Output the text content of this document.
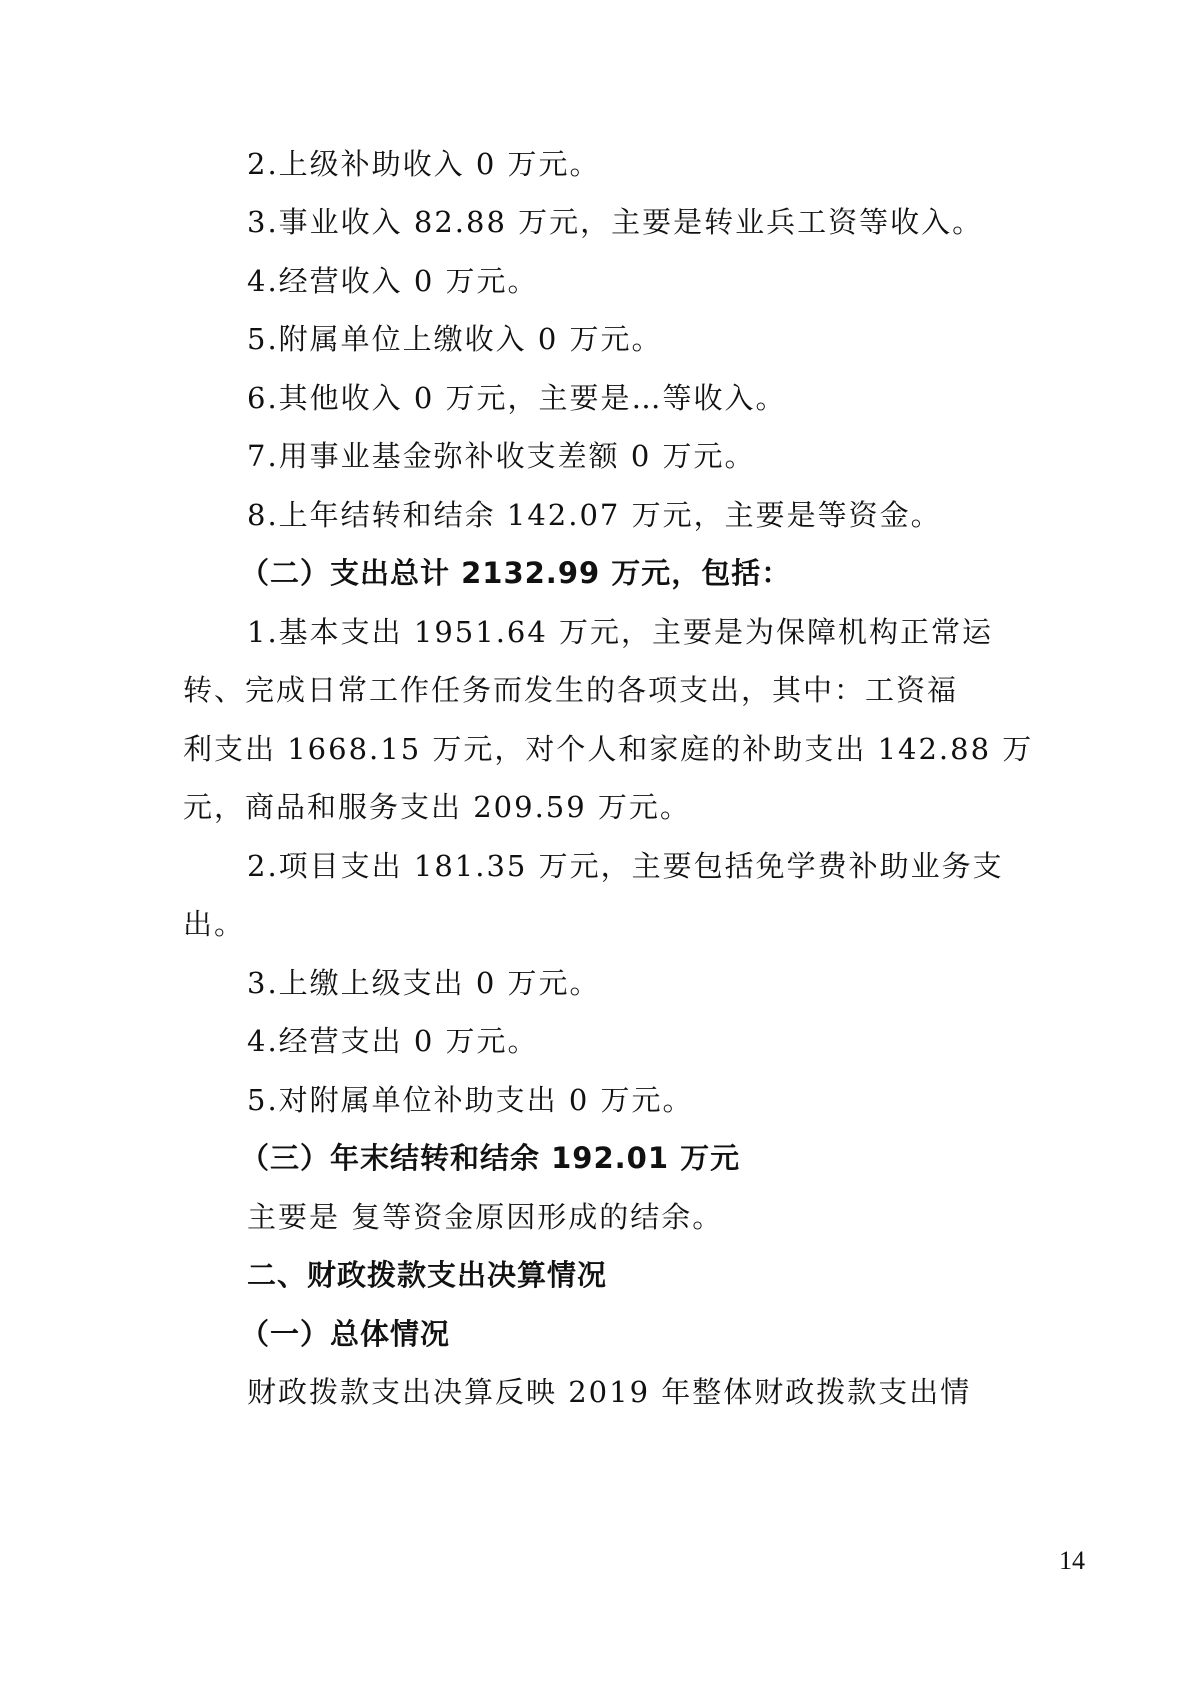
2.上级补助收入 0 万元。
3.事业收入 82.88 万元，主要是转业兵工资等收入。
4.经营收入 0 万元。
5.附属单位上缴收入 0 万元。
6.其他收入 0 万元，主要是…等收入。
7.用事业基金弥补收支差额 0 万元。
8.上年结转和结余 142.07 万元，主要是等资金。
（二）支出总计 2132.99 万元，包括：
1.基本支出 1951.64 万元，主要是为保障机构正常运
转、完成日常工作任务而发生的各项支出，其中：工资福
利支出 1668.15 万元，对个人和家庭的补助支出 142.88 万
元，商品和服务支出 209.59 万元。
2.项目支出 181.35 万元，主要包括免学费补助业务支
出。
3.上缴上级支出 0 万元。
4.经营支出 0 万元。
5.对附属单位补助支出 0 万元。
（三）年末结转和结余 192.01 万元
主要是 复等资金原因形成的结余。
二、财政拨款支出决算情况
（一）总体情况
财政拨款支出决算反映 2019 年整体财政拨款支出情
14
